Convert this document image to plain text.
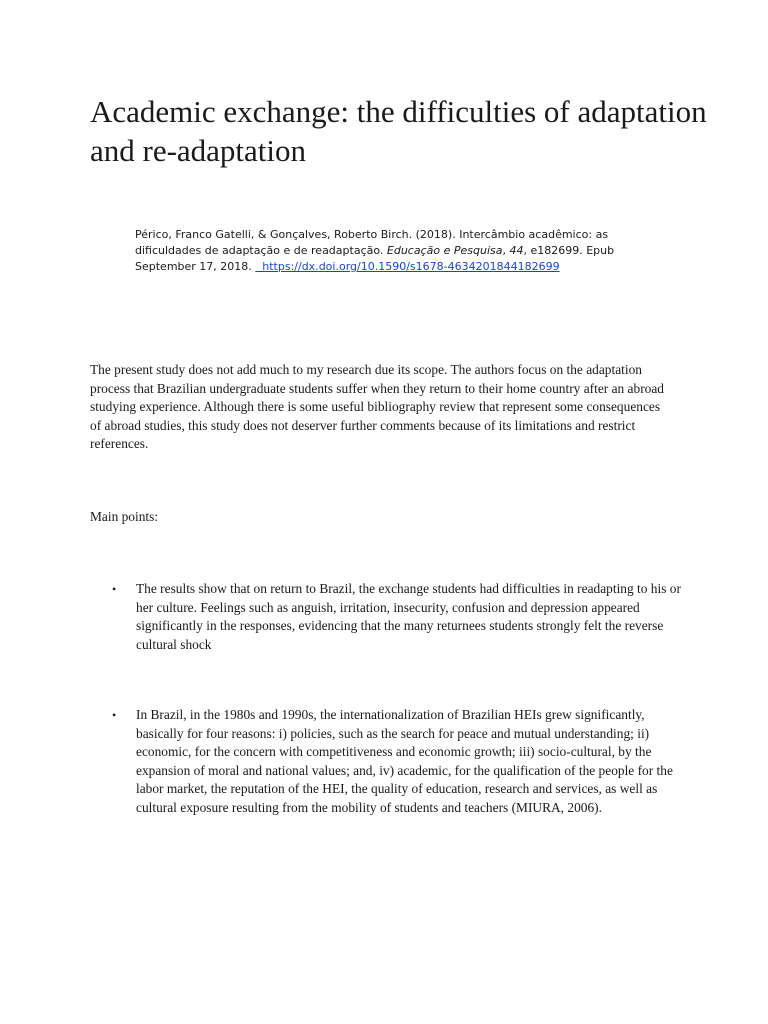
Academic exchange: the difficulties of adaptation and re-adaptation
Périco, Franco Gatelli, & Gonçalves, Roberto Birch. (2018). Intercâmbio acadêmico: as dificuldades de adaptação e de readaptação. Educação e Pesquisa, 44, e182699. Epub September 17, 2018.   https://dx.doi.org/10.1590/s1678-4634201844182699

The present study does not add much to my research due its scope. The authors focus on the adaptation process that Brazilian undergraduate students suffer when they return to their home country after an abroad studying experience. Although there is some useful bibliography review that represent some consequences of abroad studies, this study does not deserver further comments because of its limitations and restrict references.

Main points:
•	The results show that on return to Brazil, the exchange students had difficulties in readapting to his or her culture. Feelings such as anguish, irritation, insecurity, confusion and depression appeared significantly in the responses, evidencing that the many returnees students strongly felt the reverse cultural shock
•	In Brazil, in the 1980s and 1990s, the internationalization of Brazilian HEIs grew significantly, basically for four reasons: i) policies, such as the search for peace and mutual understanding; ii) economic, for the concern with competitiveness and economic growth; iii) socio-cultural, by the expansion of moral and national values; and, iv) academic, for the qualification of the people for the labor market, the reputation of the HEI, the quality of education, research and services, as well as cultural exposure resulting from the mobility of students and teachers (MIURA, 2006).
